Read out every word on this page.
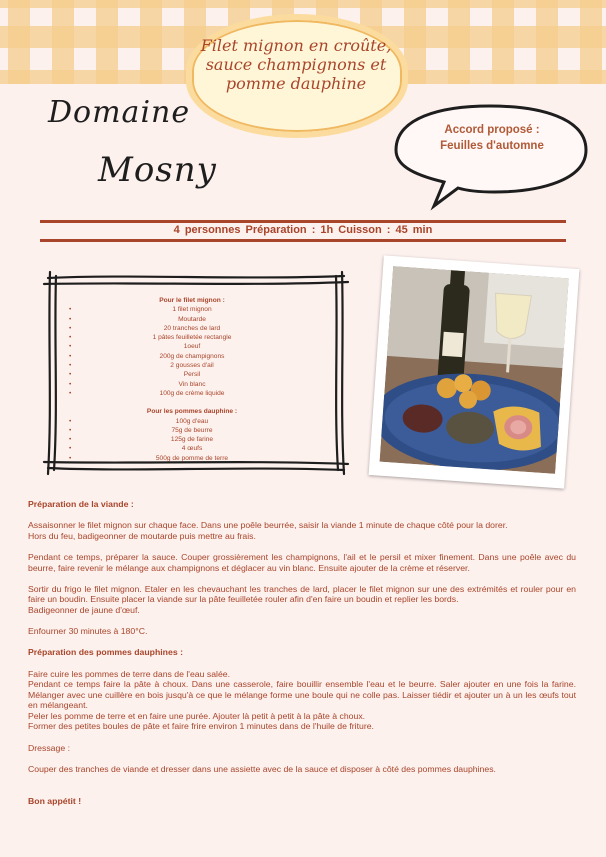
Filet mignon en croûte, sauce champignons et pomme dauphine
Domaine
Mosny
Accord proposé :
Feuilles d'automne
4 personnes Préparation : 1h Cuisson : 45 min
Pour le filet mignon :
• 1 filet mignon
• Moutarde
• 20 tranches de lard
• 1 pâtes feuilletée rectangle
• 1oeuf
• 200g de champignons
• 2 gousses d'ail
• Persil
• Vin blanc
• 100g de crème liquide
Pour les pommes dauphine :
• 100g d'eau
• 75g de beurre
• 125g de farine
• 4 œufs
• 500g de pomme de terre

Préparation de la viande :

Assaisonner le filet mignon sur chaque face. Dans une poêle beurrée, saisir la viande 1 minute de chaque côté pour la dorer.

Hors du feu, badigeonner de moutarde puis mettre au frais.

Pendant ce temps, préparer la sauce. Couper grossièrement les champignons, l'ail et le persil et mixer finement. Dans une poêle avec du beurre, faire revenir le mélange aux champignons et déglacer au vin blanc. Ensuite ajouter de la crème et réserver.

Sortir du frigo le filet mignon. Etaler en les chevauchant les tranches de lard, placer le filet mignon sur une des extrémités et rouler pour en faire un boudin. Ensuite placer la viande sur la pâte feuilletée rouler afin d'en faire un boudin et replier les bords.

Badigeonner de jaune d'œuf.

Enfourner 30 minutes à 180°C.

Préparation des pommes dauphines :

Faire cuire les pommes de terre dans de l'eau salée.

Pendant ce temps faire la pâte à choux. Dans une casserole, faire bouillir ensemble l'eau et le beurre. Saler ajouter en une fois la farine. Mélanger avec une cuillère en bois jusqu'à ce que le mélange forme une boule qui ne colle pas. Laisser tiédir et ajouter un à un les œufs tout en mélangeant.

Peler les pomme de terre et en faire une purée. Ajouter là petit à petit à la pâte à choux.

Former des petites boules de pâte et faire frire environ 1 minutes dans de l'huile de friture.

Dressage :

Couper des tranches de viande et dresser dans une assiette avec de la sauce et disposer à côté des pommes dauphines.

Bon appétit !
